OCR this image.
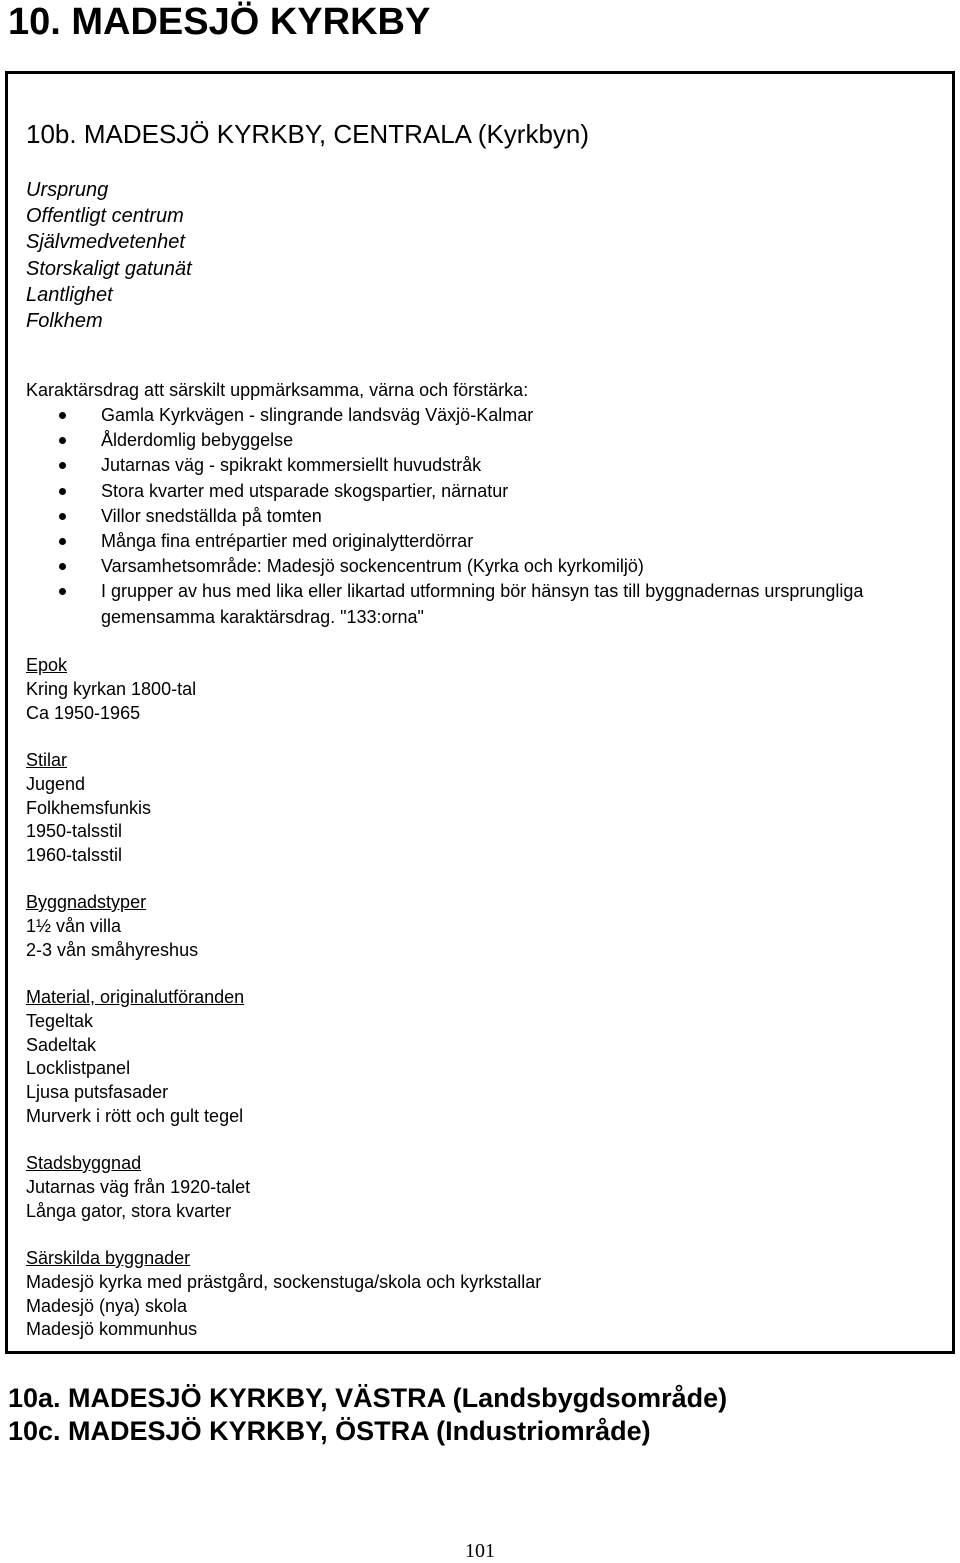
10. MADESJÖ KYRKBY
10b. MADESJÖ KYRKBY, CENTRALA (Kyrkbyn)
Ursprung
Offentligt centrum
Självmedvetenhet
Storskaligt gatunät
Lantlighet
Folkhem
Karaktärsdrag att särskilt uppmärksamma, värna och förstärka:
Gamla Kyrkvägen - slingrande landsväg Växjö-Kalmar
Ålderdomlig bebyggelse
Jutarnas väg - spikrakt kommersiellt huvudstråk
Stora kvarter med utsparade skogspartier, närnatur
Villor snedställda på tomten
Många fina entrépartier med originalytterdörrar
Varsamhetsområde: Madesjö sockencentrum (Kyrka och kyrkomiljö)
I grupper av hus med lika eller likartad utformning bör hänsyn tas till byggnadernas ursprungliga gemensamma karaktärsdrag. "133:orna"
Epok
Kring kyrkan 1800-tal
Ca 1950-1965
Stilar
Jugend
Folkhemsfunkis
1950-talsstil
1960-talsstil
Byggnadstyper
1½ vån villa
2-3 vån småhyreshus
Material, originalutföranden
Tegeltak
Sadeltak
Locklistpanel
Ljusa putsfasader
Murverk i rött och gult tegel
Stadsbyggnad
Jutarnas väg från 1920-talet
Långa gator, stora kvarter
Särskilda byggnader
Madesjö kyrka med prästgård, sockenstuga/skola och kyrkstallar
Madesjö (nya) skola
Madesjö kommunhus
10a. MADESJÖ KYRKBY, VÄSTRA (Landsbygdsområde)
10c. MADESJÖ KYRKBY, ÖSTRA (Industriområde)
101
